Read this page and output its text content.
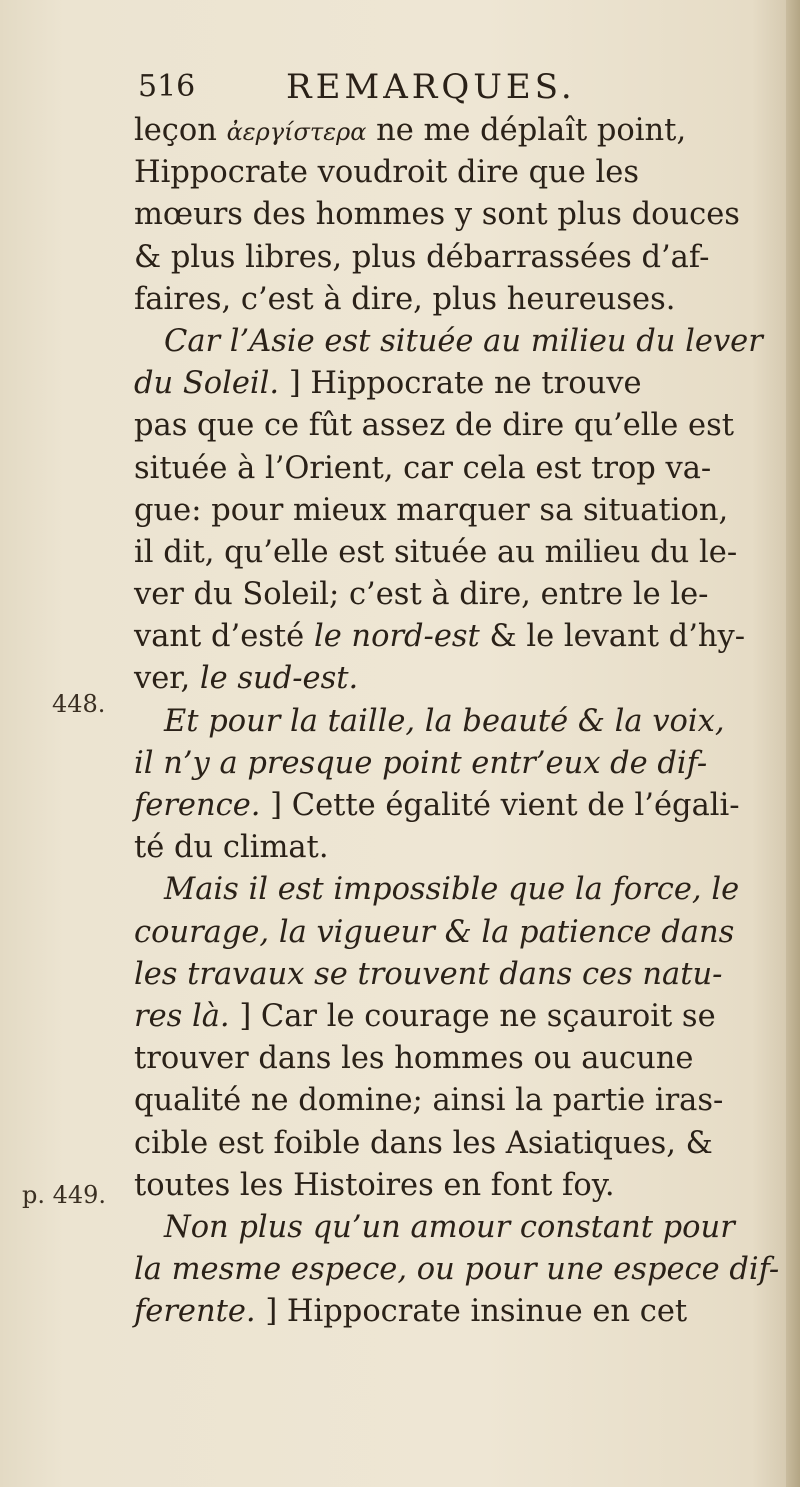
516	REMARQUES.
448.
p. 449.
leçon ἀεργίστερα ne me déplaît point,
Hippocrate voudroit dire que les
mœurs des hommes y sont plus douces
& plus libres, plus débarrassées d’af-
faires, c’est à dire, plus heureuses.
Car l’Asie est située au milieu du lever
du Soleil. ] Hippocrate ne trouve
pas que ce fût assez de dire qu’elle est
située à l’Orient, car cela est trop va-
gue: pour mieux marquer sa situation,
il dit, qu’elle est située au milieu du le-
ver du Soleil; c’est à dire, entre le le-
vant d’esté le nord-est & le levant d’hy-
ver, le sud-est.
Et pour la taille, la beauté & la voix,
il n’y a presque point entr’eux de dif-
ference. ] Cette égalité vient de l’égali-
té du climat.
Mais il est impossible que la force, le
courage, la vigueur & la patience dans
les travaux se trouvent dans ces natu-
res là. ] Car le courage ne sçauroit se
trouver dans les hommes ou aucune
qualité ne domine; ainsi la partie iras-
cible est foible dans les Asiatiques, &
toutes les Histoires en font foy.
Non plus qu’un amour constant pour
la mesme espece, ou pour une espece dif-
ferente. ] Hippocrate insinue en cet
